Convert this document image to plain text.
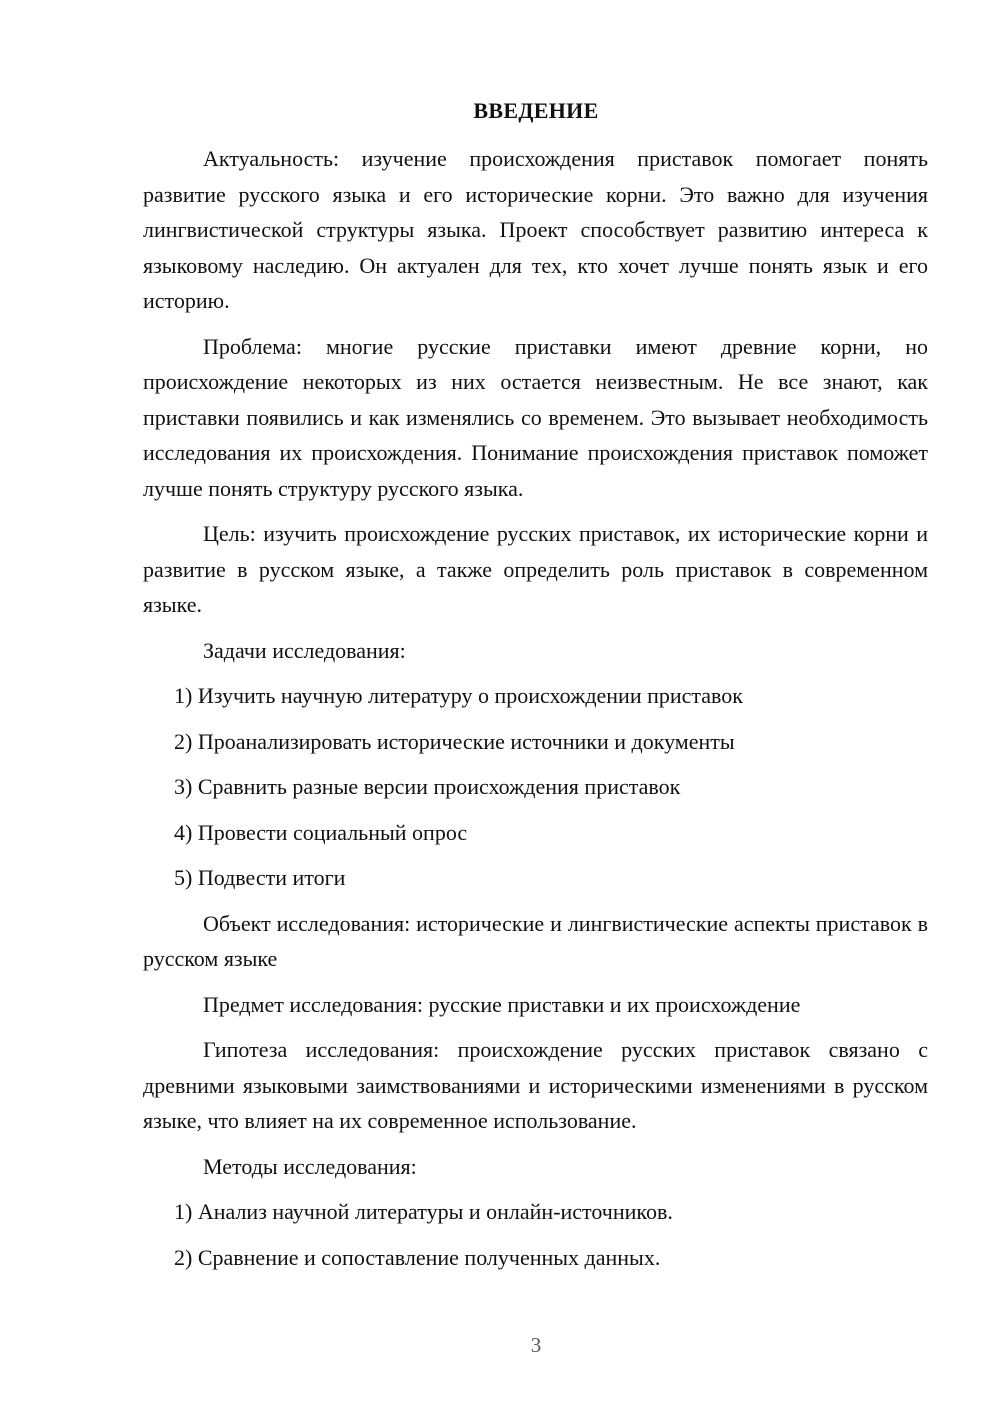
ВВЕДЕНИЕ

Актуальность: изучение происхождения приставок помогает понять развитие русского языка и его исторические корни. Это важно для изучения лингвистической структуры языка. Проект способствует развитию интереса к языковому наследию. Он актуален для тех, кто хочет лучше понять язык и его историю.

Проблема: многие русские приставки имеют древние корни, но происхождение некоторых из них остается неизвестным. Не все знают, как приставки появились и как изменялись со временем. Это вызывает необходимость исследования их происхождения. Понимание происхождения приставок поможет лучше понять структуру русского языка.

Цель: изучить происхождение русских приставок, их исторические корни и развитие в русском языке, а также определить роль приставок в современном языке.

Задачи исследования:

1) Изучить научную литературу о происхождении приставок

2) Проанализировать исторические источники и документы

3) Сравнить разные версии происхождения приставок

4) Провести социальный опрос

5) Подвести итоги

Объект исследования: исторические и лингвистические аспекты приставок в русском языке

Предмет исследования: русские приставки и их происхождение

Гипотеза исследования: происхождение русских приставок связано с древними языковыми заимствованиями и историческими изменениями в русском языке, что влияет на их современное использование.

Методы исследования:

1) Анализ научной литературы и онлайн-источников.

2) Сравнение и сопоставление полученных данных.

3
